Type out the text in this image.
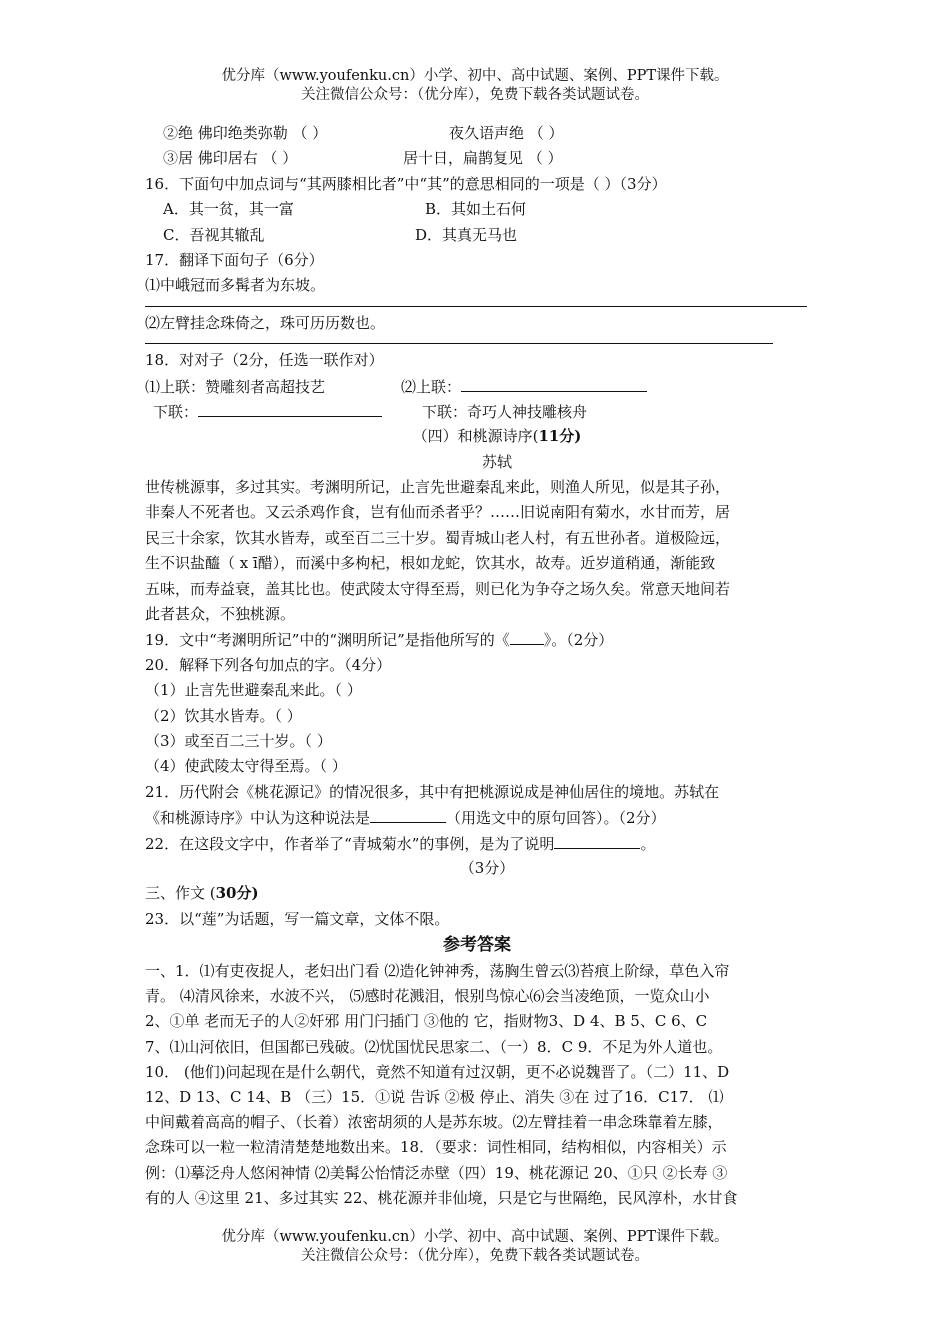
优分库（www.youfenku.cn）小学、初中、高中试题、案例、PPT课件下载。
关注微信公众号：（优分库），免费下载各类试题试卷。
②绝 佛印绝类弥勒 （ ）	夜久语声绝 （ ）
③居 佛印居右 （ ）	居十日，扁鹊复见 （ ）
16．下面句中加点词与“其两膝相比者”中“其”的意思相同的一项是（ ）（3分）
A．其一贫，其一富	B．其如土石何
C．吾视其辙乱	D．其真无马也
17．翻译下面句子（6分）
⑴中峨冠而多髯者为东坡。
⑵左臂挂念珠倚之，珠可历历数也。
18．对对子（2分，任选一联作对）
⑴上联：赞雕刻者高超技艺	⑵上联：
下联：	下联：奇巧人神技雕核舟
（四）和桃源诗序(11分)
苏轼
世传桃源事，多过其实。考渊明所记，止言先世避秦乱来此，则渔人所见，似是其子孙，
非秦人不死者也。又云杀鸡作食，岂有仙而杀者乎？……旧说南阳有菊水，水甘而芳，居
民三十余家，饮其水皆寿，或至百二三十岁。蜀青城山老人村，有五世孙者。道极险远，
生不识盐醯（ x ī醋），而溪中多枸杞，根如龙蛇，饮其水，故寿。近岁道稍通，渐能致
五味，而寿益衰，盖其比也。使武陵太守得至焉，则已化为争夺之场久矣。常意天地间若
此者甚众，不独桃源。
19．文中“考渊明所记”中的“渊明所记”是指他所写的《 》。（2分）
20．解释下列各句加点的字。（4分）
（1）止言先世避秦乱来此。（ ）
（2）饮其水皆寿。（ ）
（3）或至百二三十岁。（ ）
（4）使武陵太守得至焉。（ ）
21．历代附会《桃花源记》的情况很多，其中有把桃源说成是神仙居住的境地。苏轼在
《和桃源诗序》中认为这种说法是	（用选文中的原句回答）。（2分）
22．在这段文字中，作者举了“青城菊水”的事例，是为了说明	。
（3分）
三、作文 (30分)
23．以“莲”为话题，写一篇文章，文体不限。
参考答案
一、1．⑴有吏夜捉人，老妇出门看 ⑵造化钟神秀，荡胸生曾云⑶苔痕上阶绿，草色入帘
青。 ⑷清风徐来，水波不兴， ⑸感时花溅泪，恨别鸟惊心⑹会当凌绝顶，一览众山小
2、①单 老而无子的人②奸邪 用门闩插门 ③他的 它，指财物3、D 4、B 5、C 6、C
7、⑴山河依旧，但国都已残破。⑵忧国忧民思家二、（一）8．C 9．不足为外人道也。
10． (他们)问起现在是什么朝代，竟然不知道有过汉朝，更不必说魏晋了。（二）11、D
12、D 13、C 14、B （三）15．①说 告诉 ②极 停止、消失 ③在 过了16．C17． ⑴
中间戴着高高的帽子、（长着）浓密胡须的人是苏东坡。⑵左臂挂着一串念珠靠着左膝，
念珠可以一粒一粒清清楚楚地数出来。18．（要求：词性相同，结构相似，内容相关）示
例：⑴摹泛舟人悠闲神情 ⑵美髯公怡情泛赤壁（四）19、桃花源记 20、①只 ②长寿 ③
有的人 ④这里 21、多过其实 22、桃花源并非仙境，只是它与世隔绝，民风淳朴，水甘食
优分库（www.youfenku.cn）小学、初中、高中试题、案例、PPT课件下载。
关注微信公众号：（优分库），免费下载各类试题试卷。
